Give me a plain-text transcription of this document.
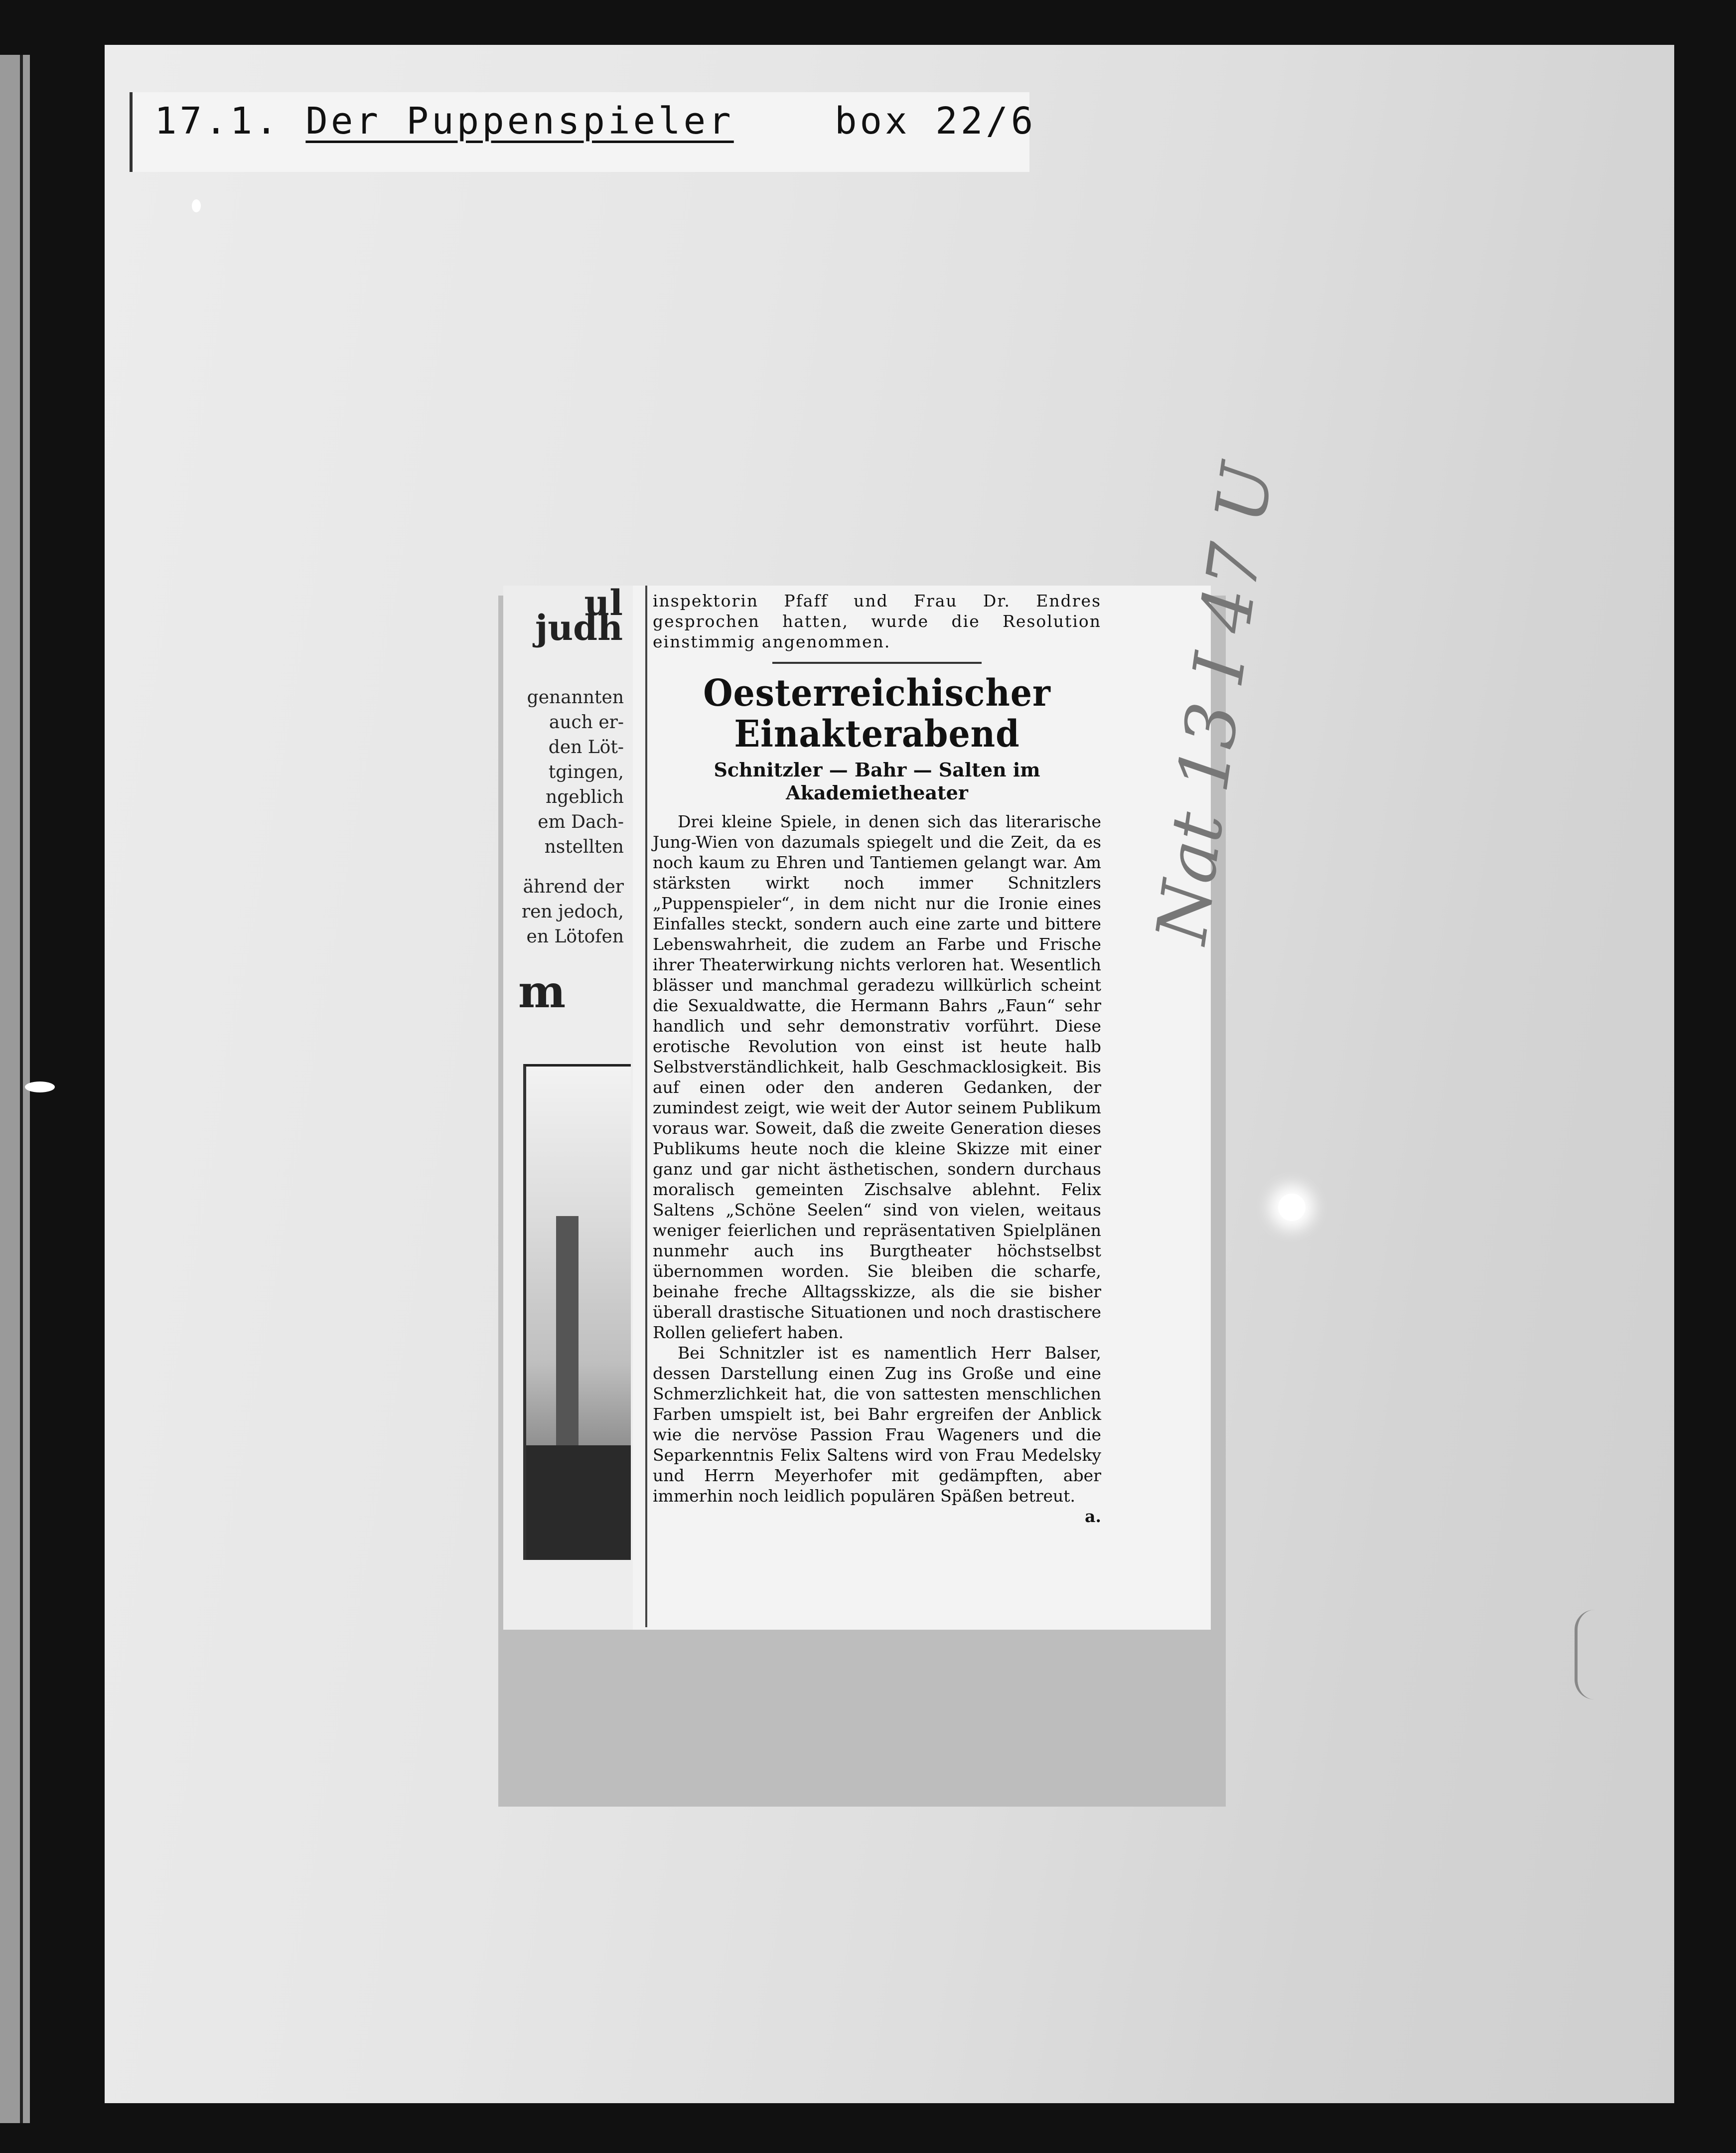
17.1. Der Puppenspieler	box 22/6
ul judh
genannten
auch er-
den Löt-
tgingen,
ngeblich
em Dach-
nstellten
ährend der
ren jedoch,
en Lötofen
m

inspektorin Pfaff und Frau Dr. Endres gesprochen hatten, wurde die Resolution einstimmig angenommen.

Oesterreichischer
Einakterabend
Schnitzler — Bahr — Salten im Akademietheater

Drei kleine Spiele, in denen sich das literarische Jung-Wien von dazumals spiegelt und die Zeit, da es noch kaum zu Ehren und Tantiemen gelangt war. Am stärksten wirkt noch immer Schnitzlers „Puppenspieler“, in dem nicht nur die Ironie eines Einfalles steckt, sondern auch eine zarte und bittere Lebenswahrheit, die zudem an Farbe und Frische ihrer Theaterwirkung nichts verloren hat. Wesentlich blässer und manchmal geradezu willkürlich scheint die Sexualdwatte, die Hermann Bahrs „Faun“ sehr handlich und sehr demonstrativ vorführt. Diese erotische Revolution von einst ist heute halb Selbstverständlichkeit, halb Geschmacklosigkeit. Bis auf einen oder den anderen Gedanken, der zumindest zeigt, wie weit der Autor seinem Publikum voraus war. Soweit, daß die zweite Generation dieses Publikums heute noch die kleine Skizze mit einer ganz und gar nicht ästhetischen, sondern durchaus moralisch gemeinten Zischsalve ablehnt. Felix Saltens „Schöne Seelen“ sind von vielen, weitaus weniger feierlichen und repräsentativen Spielplänen nunmehr auch ins Burgtheater höchstselbst übernommen worden. Sie bleiben die scharfe, beinahe freche Alltagsskizze, als die sie bisher überall drastische Situationen und noch drastischere Rollen geliefert haben.

Bei Schnitzler ist es namentlich Herr Balser, dessen Darstellung einen Zug ins Große und eine Schmerzlichkeit hat, die von sattesten menschlichen Farben umspielt ist, bei Bahr ergreifen der Anblick wie die nervöse Passion Frau Wageners und die Separkenntnis Felix Saltens wird von Frau Medelsky und Herrn Meyerhofer mit gedämpften, aber immerhin noch leidlich populären Späßen betreut.

a.
Nat
